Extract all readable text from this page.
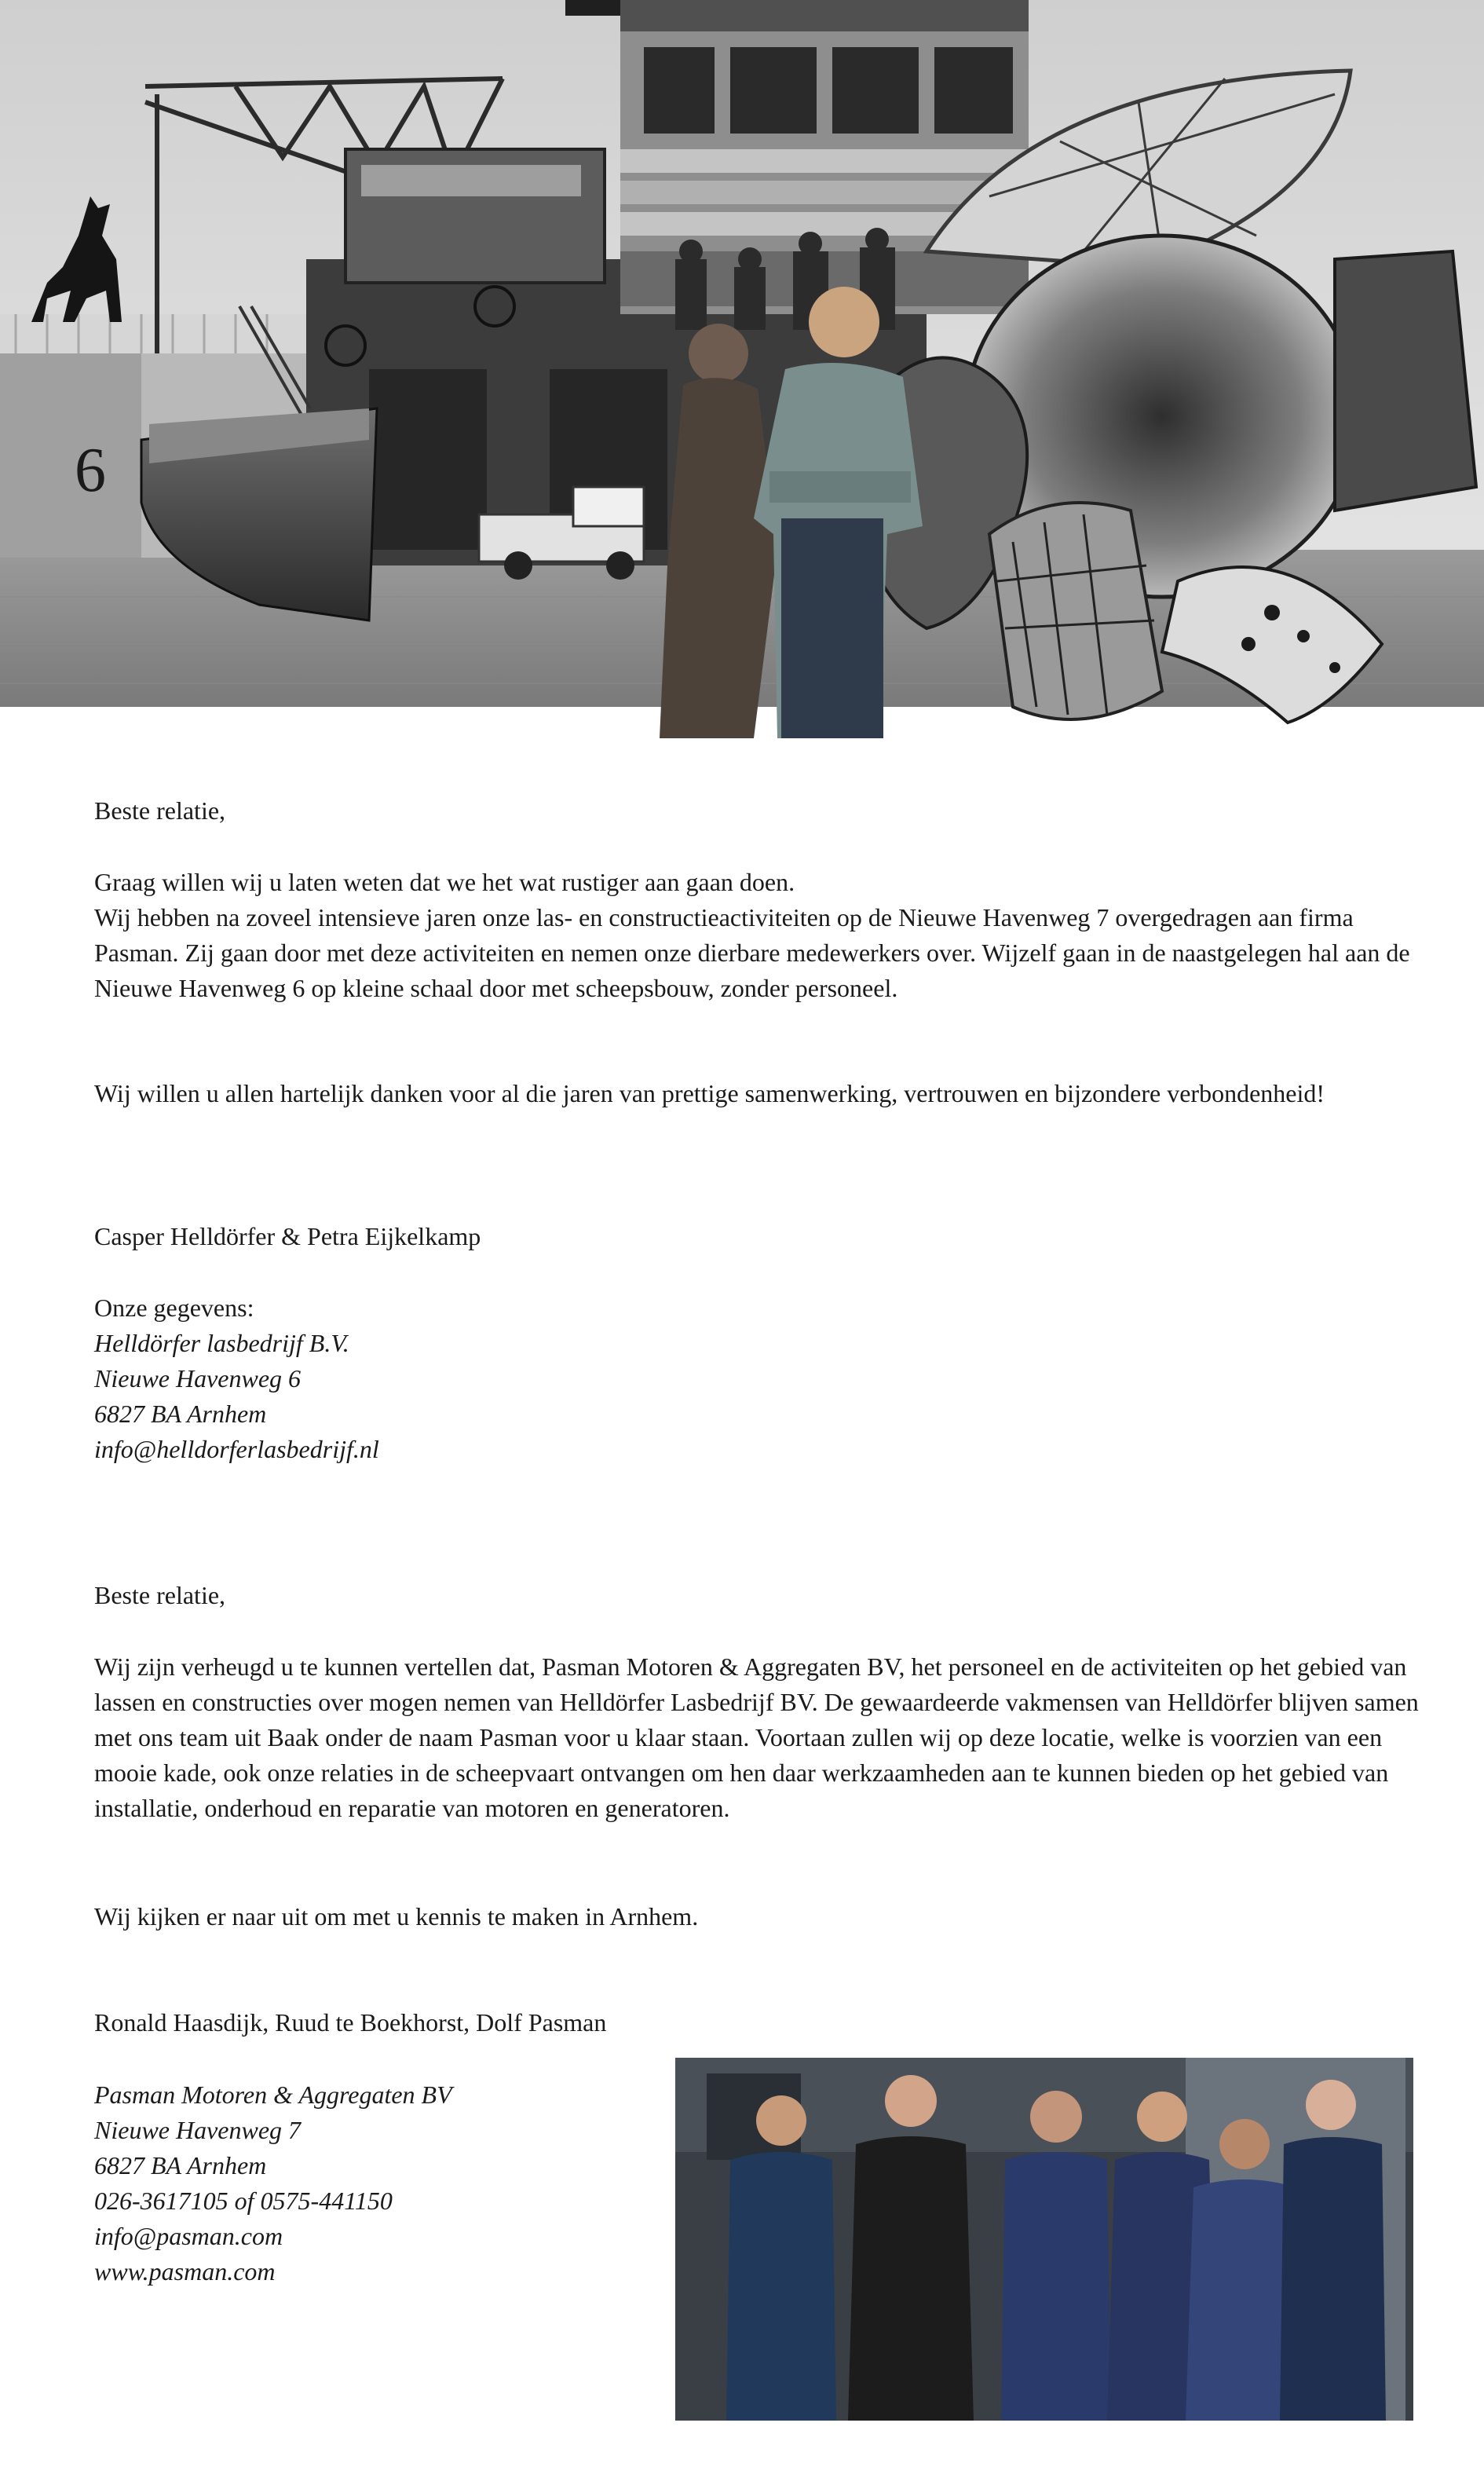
6
Beste relatie,
Graag willen wij u laten weten dat we het wat rustiger aan gaan doen.
Wij hebben na zoveel intensieve jaren onze las- en constructieactiviteiten op de Nieuwe Havenweg 7 overgedragen aan firma Pasman. Zij gaan door met deze activiteiten en nemen onze dierbare medewerkers over. Wijzelf gaan in de naastgelegen hal aan de Nieuwe Havenweg 6 op kleine schaal door met scheepsbouw, zonder personeel.
Wij willen u allen hartelijk danken voor al die jaren van prettige samenwerking, vertrouwen en bijzondere verbondenheid!
Casper Helldörfer & Petra Eijkelkamp
Onze gegevens:
Helldörfer lasbedrijf B.V.
Nieuwe Havenweg 6
6827 BA Arnhem
info@helldorferlasbedrijf.nl
Beste relatie,
Wij zijn verheugd u te kunnen vertellen dat, Pasman Motoren & Aggregaten BV, het personeel en de activiteiten op het gebied van lassen en constructies over mogen nemen van Helldörfer Lasbedrijf BV. De gewaardeerde vakmensen van Helldörfer blijven samen met ons team uit Baak onder de naam Pasman voor u klaar staan. Voortaan zullen wij op deze locatie, welke is voorzien van een mooie kade, ook onze relaties in de scheepvaart ontvangen om hen daar werkzaamheden aan te kunnen bieden op het gebied van installatie, onderhoud en reparatie van motoren en generatoren.
Wij kijken er naar uit om met u kennis te maken in Arnhem.
Ronald Haasdijk, Ruud te Boekhorst, Dolf Pasman
Pasman Motoren & Aggregaten BV
Nieuwe Havenweg 7
6827 BA Arnhem
026-3617105 of 0575-441150
info@pasman.com
www.pasman.com
